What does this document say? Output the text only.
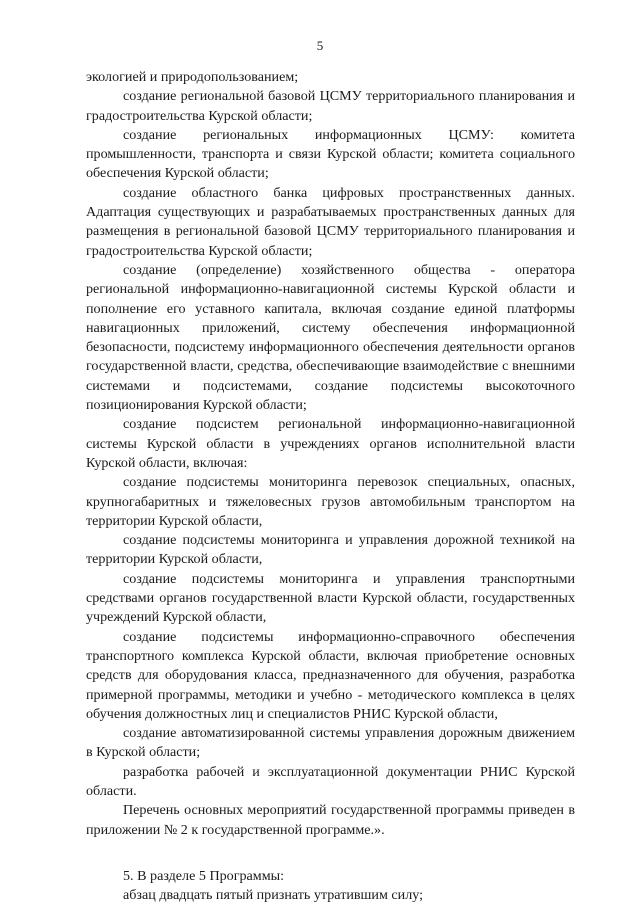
5

экологией и природопользованием;

создание региональной базовой ЦСМУ территориального планирования и градостроительства Курской области;

создание региональных информационных ЦСМУ: комитета промышленности, транспорта и связи Курской области; комитета социального обеспечения Курской области;

создание областного банка цифровых пространственных данных. Адаптация существующих и разрабатываемых пространственных данных для размещения в региональной базовой ЦСМУ территориального планирования и градостроительства Курской области;

создание (определение) хозяйственного общества - оператора региональной информационно-навигационной системы Курской области и пополнение его уставного капитала, включая создание единой платформы навигационных приложений, систему обеспечения информационной безопасности, подсистему информационного обеспечения деятельности органов государственной власти, средства, обеспечивающие взаимодействие с внешними системами и подсистемами, создание подсистемы высокоточного позиционирования Курской области;

создание подсистем региональной информационно-навигационной системы Курской области в учреждениях органов исполнительной власти Курской области, включая:

создание подсистемы мониторинга перевозок специальных, опасных, крупногабаритных и тяжеловесных грузов автомобильным транспортом на территории Курской области,

создание подсистемы мониторинга и управления дорожной техникой на территории Курской области,

создание подсистемы мониторинга и управления транспортными средствами органов государственной власти Курской области, государственных учреждений Курской области,

создание подсистемы информационно-справочного обеспечения транспортного комплекса Курской области, включая приобретение основных средств для оборудования класса, предназначенного для обучения, разработка примерной программы, методики и учебно - методического комплекса в целях обучения должностных лиц и специалистов РНИС Курской области,

создание автоматизированной системы управления дорожным движением в Курской области;

разработка рабочей и эксплуатационной документации РНИС Курской области.

Перечень основных мероприятий государственной программы приведен в приложении № 2 к государственной программе.».

5. В разделе 5 Программы:

абзац двадцать пятый признать утратившим силу;
